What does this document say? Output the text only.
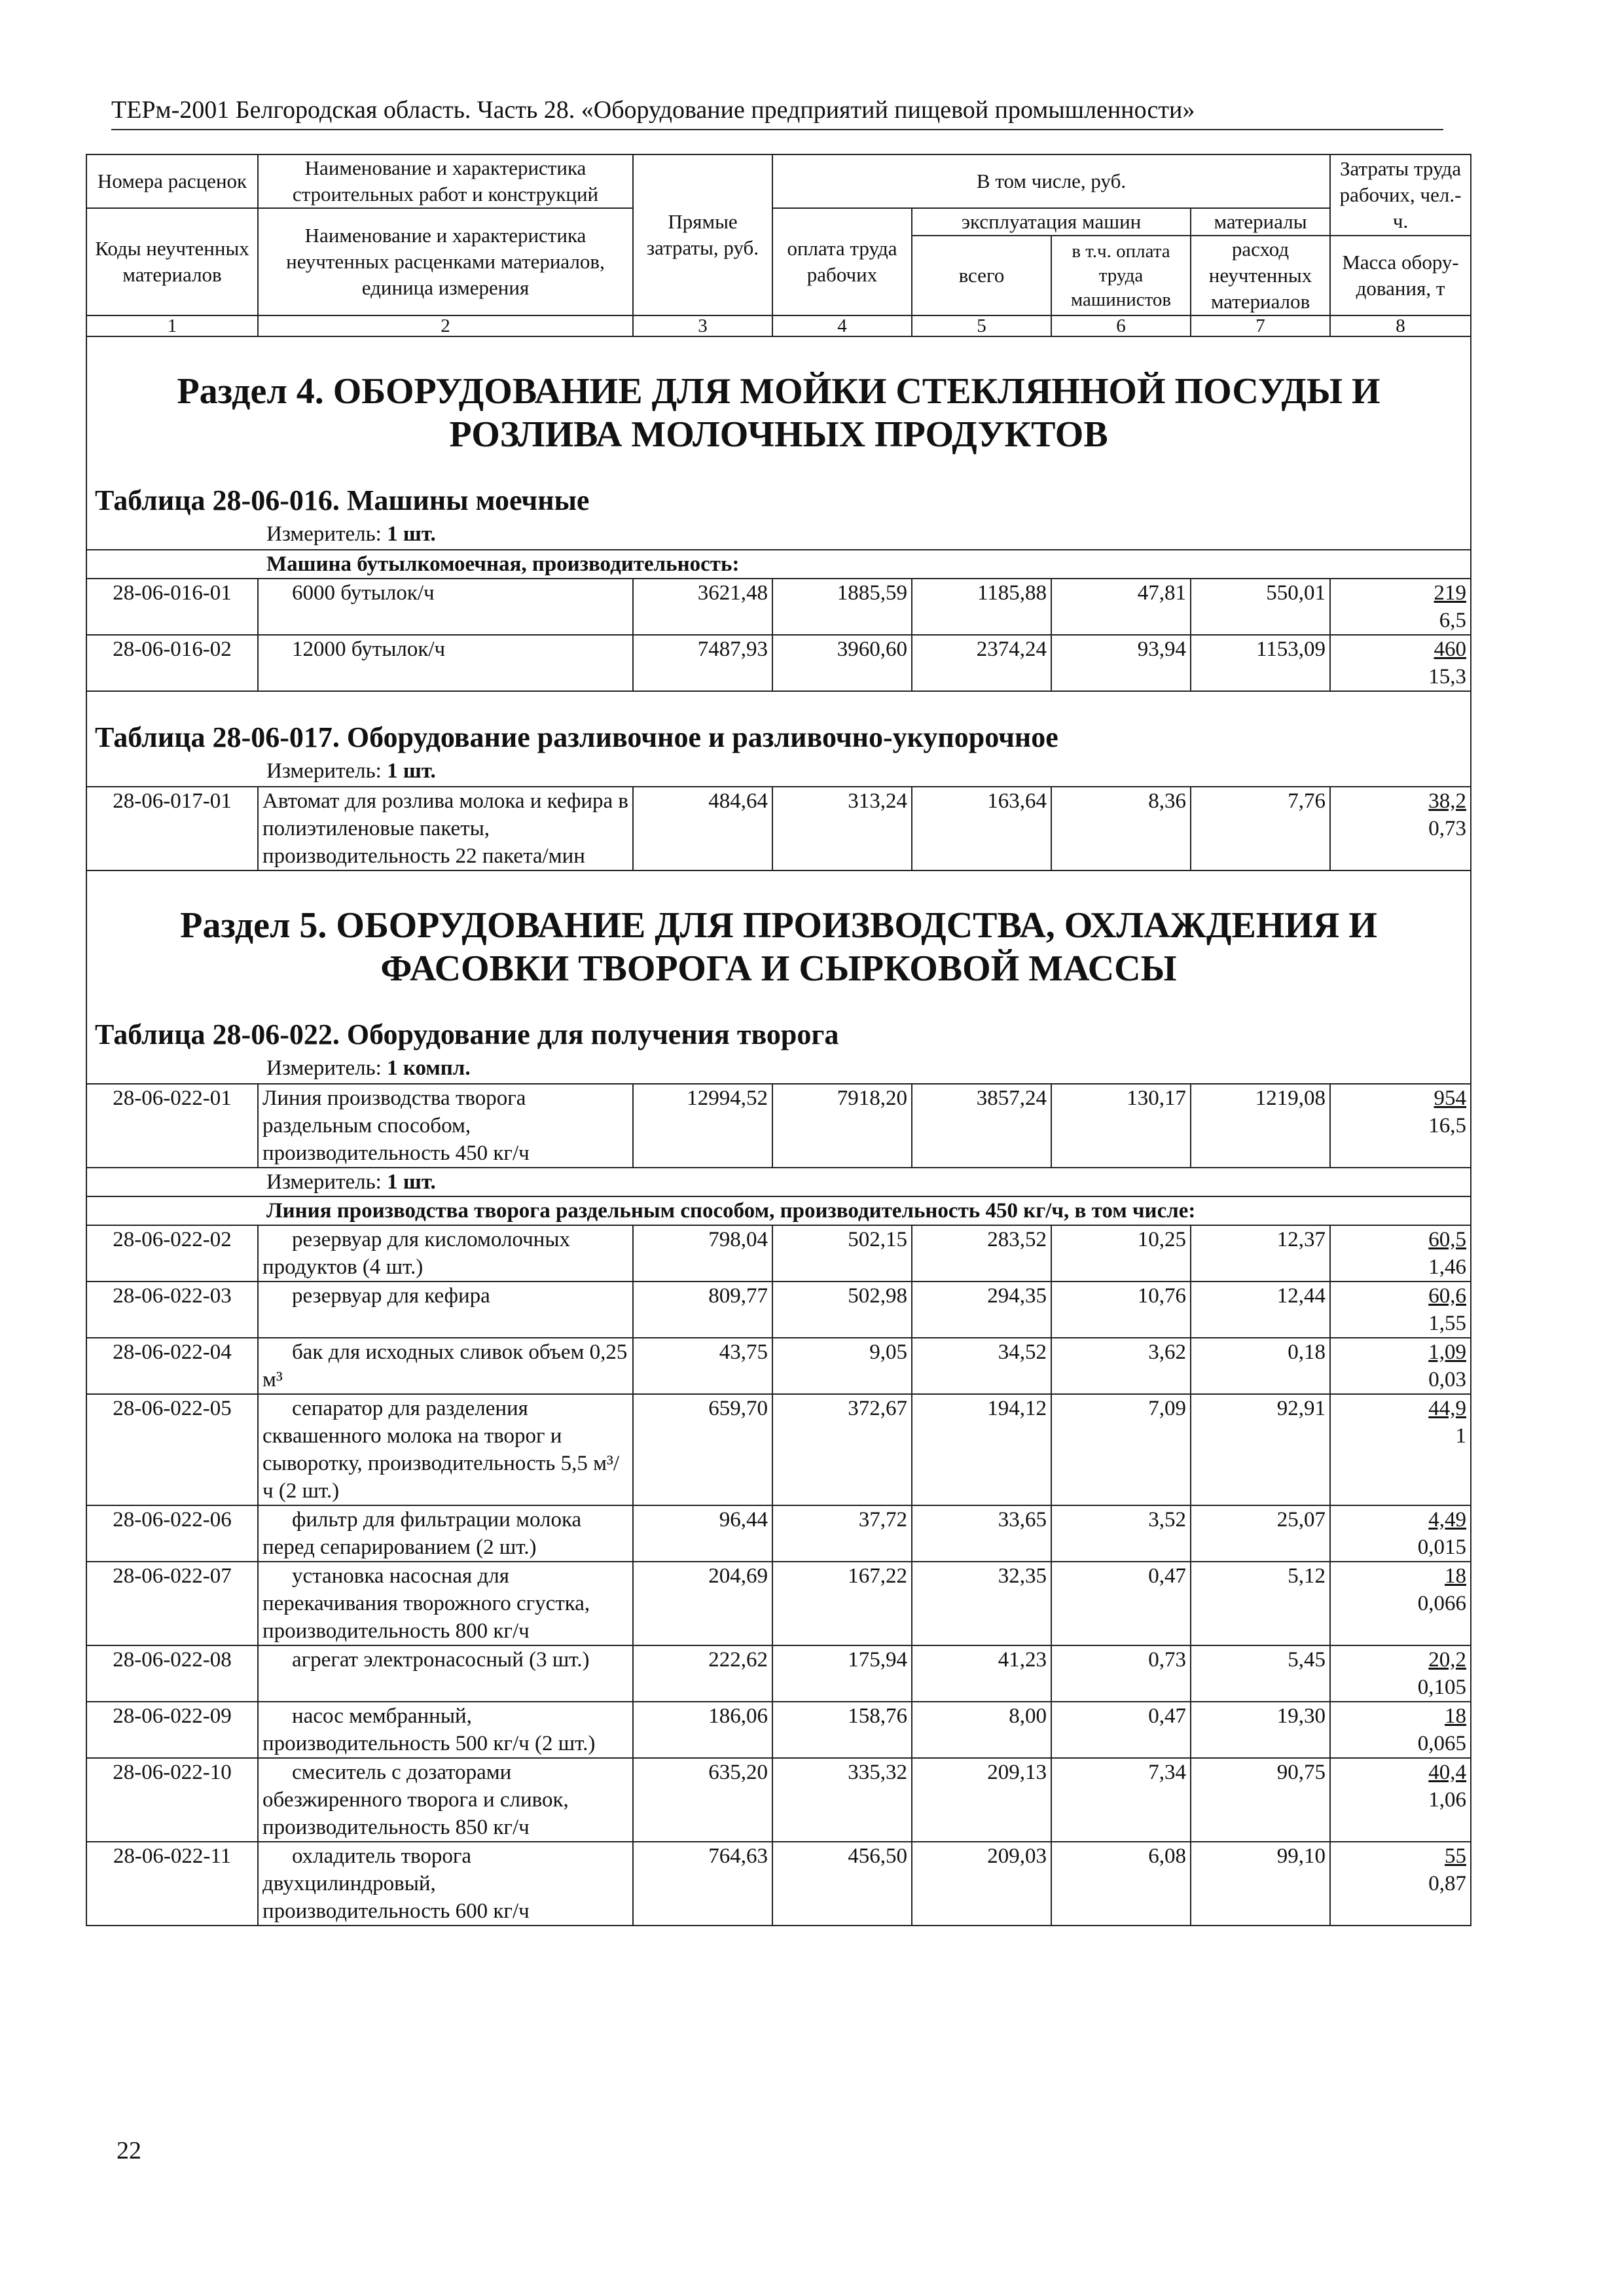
ТЕРм-2001 Белгородская область. Часть 28. «Оборудование предприятий пищевой промышленности»
Номера расценок	Наименование и характеристика строительных работ и конструкций	Прямые затраты, руб.	В том числе, руб.				Затраты труда рабочих, чел.-ч.
Коды неучтенных материалов	Наименование и характеристика неучтенных расценками материалов, единица измерения		оплата труда рабочих	эксплуатация машин		материалы	
				всего	в т.ч. оплата труда машинистов	расход неучтенных материалов	Масса обору-дования, т
1	2	3	4	5	6	7	8

Раздел 4. ОБОРУДОВАНИЕ ДЛЯ МОЙКИ СТЕКЛЯННОЙ ПОСУДЫ И РОЗЛИВА МОЛОЧНЫХ ПРОДУКТОВ
Таблица 28-06-016. Машины моечные
Измеритель: 1 шт.							

Машина бутылкомоечная, производительность:							
28-06-016-01	6000 бутылок/ч	3621,48	1885,59	1185,88	47,81	550,01	219
6,5

28-06-016-02	12000 бутылок/ч	7487,93	3960,60	2374,24	93,94	1153,09	460
15,3

Таблица 28-06-017. Оборудование разливочное и разливочно-укупорочное
Измеритель: 1 шт.							

28-06-017-01	Автомат для розлива молока и кефира в полиэтиленовые пакеты, производительность 22 пакета/мин	484,64	313,24	163,64	8,36	7,76	38,2
0,73

Раздел 5. ОБОРУДОВАНИЕ ДЛЯ ПРОИЗВОДСТВА, ОХЛАЖДЕНИЯ И ФАСОВКИ ТВОРОГА И СЫРКОВОЙ МАССЫ
Таблица 28-06-022. Оборудование для получения творога
Измеритель: 1 компл.							

28-06-022-01	Линия производства творога раздельным способом, производительность 450 кг/ч	12994,52	7918,20	3857,24	130,17	1219,08	954
16,5

Измеритель: 1 шт.							
Линия производства творога раздельным способом, производительность 450 кг/ч, в том числе:							
28-06-022-02	резервуар для кисломолочных продуктов (4 шт.)	798,04	502,15	283,52	10,25	12,37	60,5
1,46

28-06-022-03	резервуар для кефира	809,77	502,98	294,35	10,76	12,44	60,6
1,55

28-06-022-04	бак для исходных сливок объем 0,25 м³	43,75	9,05	34,52	3,62	0,18	1,09
0,03

28-06-022-05	сепаратор для разделения сквашенного молока на творог и сыворотку, производительность 5,5 м³/ч (2 шт.)	659,70	372,67	194,12	7,09	92,91	44,9
1

28-06-022-06	фильтр для фильтрации молока перед сепарированием (2 шт.)	96,44	37,72	33,65	3,52	25,07	4,49
0,015

28-06-022-07	установка насосная для перекачивания творожного сгустка, производительность 800 кг/ч	204,69	167,22	32,35	0,47	5,12	18
0,066

28-06-022-08	агрегат электронасосный (3 шт.)	222,62	175,94	41,23	0,73	5,45	20,2
0,105

28-06-022-09	насос мембранный, производительность 500 кг/ч (2 шт.)	186,06	158,76	8,00	0,47	19,30	18
0,065

28-06-022-10	смеситель с дозаторами обезжиренного творога и сливок, производительность 850 кг/ч	635,20	335,32	209,13	7,34	90,75	40,4
1,06

28-06-022-11	охладитель творога двухцилиндровый, производительность 600 кг/ч	764,63	456,50	209,03	6,08	99,10	55
0,87
22
